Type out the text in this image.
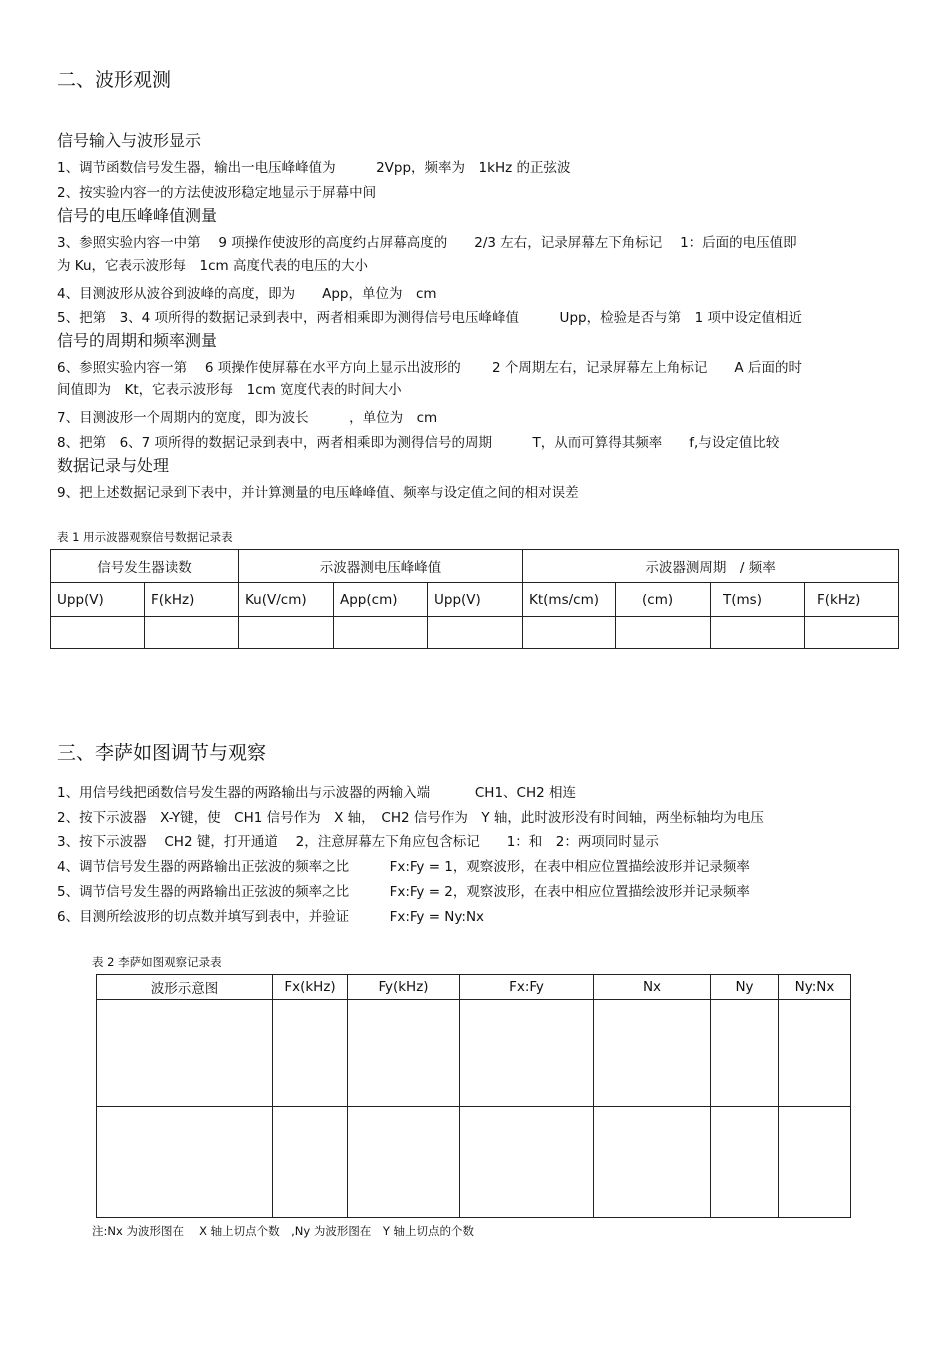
二、波形观测
信号输入与波形显示
1、调节函数信号发生器，输出一电压峰峰值为　　　2Vpp，频率为　1kHz 的正弦波
2、按实验内容一的方法使波形稳定地显示于屏幕中间
信号的电压峰峰值测量
3、参照实验内容一中第　 9 项操作使波形的高度约占屏幕高度的　　2/3 左右，记录屏幕左下角标记　 1：后面的电压值即
为 Ku，它表示波形每　1cm 高度代表的电压的大小
4、目测波形从波谷到波峰的高度，即为　　App，单位为　cm
5、把第　3、4 项所得的数据记录到表中，两者相乘即为测得信号电压峰峰值　　　Upp，检验是否与第　1 项中设定值相近
信号的周期和频率测量
6、参照实验内容一第　 6 项操作使屏幕在水平方向上显示出波形的　　 2 个周期左右，记录屏幕左上角标记　　A 后面的时
间值即为　Kt，它表示波形每　1cm 宽度代表的时间大小
7、目测波形一个周期内的宽度，即为波长　　　，单位为　cm
8、把第　6、7 项所得的数据记录到表中，两者相乘即为测得信号的周期　　　T，从而可算得其频率　　f,与设定值比较
数据记录与处理
9、把上述数据记录到下表中，并计算测量的电压峰峰值、频率与设定值之间的相对误差
表 1 用示波器观察信号数据记录表
信号发生器读数		示波器测电压峰峰值			示波器测周期　/ 频率			
Upp(V)	F(kHz)	Ku(V/cm)	App(cm)	Upp(V)	Kt(ms/cm)	(cm)	T(ms)	F(kHz)

三、李萨如图调节与观察
1、用信号线把函数信号发生器的两路输出与示波器的两输入端　　　 CH1、CH2 相连
2、按下示波器　X-Y键，使　CH1 信号作为　X 轴，　CH2 信号作为　Y 轴，此时波形没有时间轴，两坐标轴均为电压
3、按下示波器　 CH2 键，打开通道　 2，注意屏幕左下角应包含标记　　1：和　2：两项同时显示
4、调节信号发生器的两路输出正弦波的频率之比　　　Fx:Fy = 1，观察波形，在表中相应位置描绘波形并记录频率
5、调节信号发生器的两路输出正弦波的频率之比　　　Fx:Fy = 2，观察波形，在表中相应位置描绘波形并记录频率
6、目测所绘波形的切点数并填写到表中，并验证　　　Fx:Fy = Ny:Nx
表 2 李萨如图观察记录表
波形示意图	Fx(kHz)	Fy(kHz)	Fx:Fy	Nx	Ny	Ny:Nx

注:Nx 为波形图在　 X 轴上切点个数　,Ny 为波形图在　Y 轴上切点的个数
